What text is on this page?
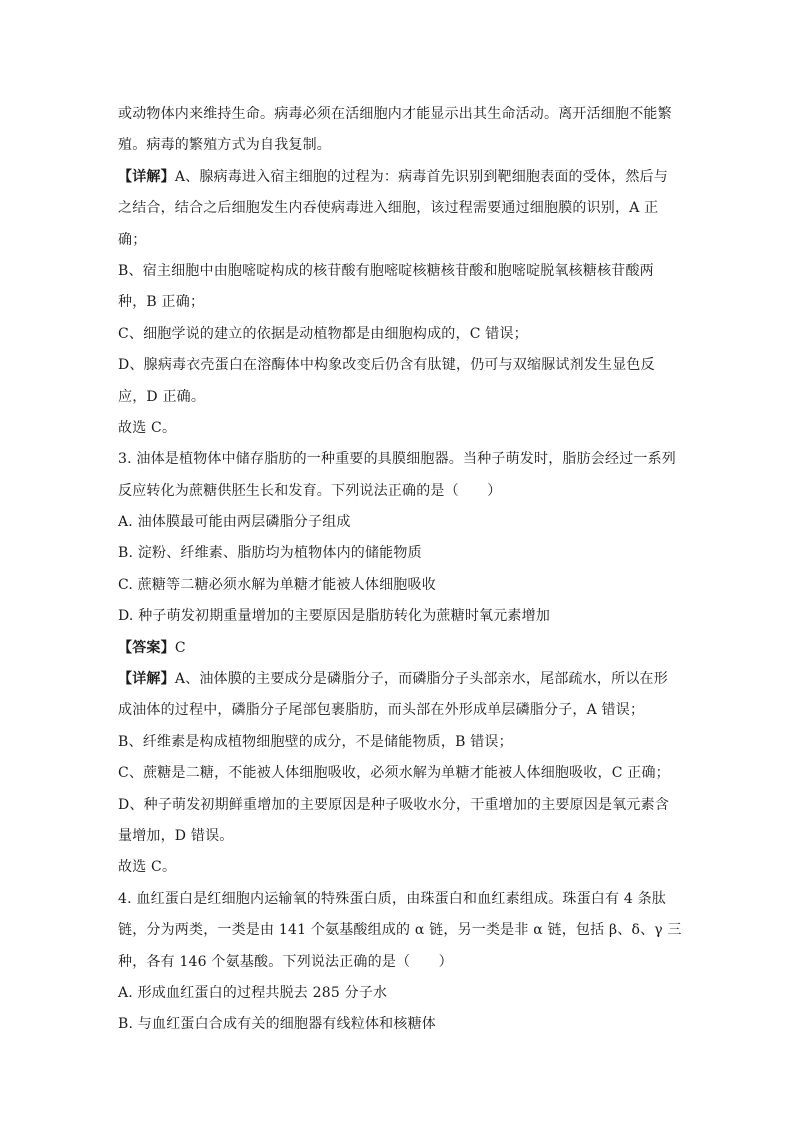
或动物体内来维持生命。病毒必须在活细胞内才能显示出其生命活动。离开活细胞不能繁
殖。病毒的繁殖方式为自我复制。
【详解】A、腺病毒进入宿主细胞的过程为：病毒首先识别到靶细胞表面的受体，然后与
之结合，结合之后细胞发生内吞使病毒进入细胞，该过程需要通过细胞膜的识别，A 正
确；
B、宿主细胞中由胞嘧啶构成的核苷酸有胞嘧啶核糖核苷酸和胞嘧啶脱氧核糖核苷酸两
种，B 正确；
C、细胞学说的建立的依据是动植物都是由细胞构成的，C 错误；
D、腺病毒衣壳蛋白在溶酶体中构象改变后仍含有肽键，仍可与双缩脲试剂发生显色反
应，D 正确。
故选 C。
3. 油体是植物体中储存脂肪的一种重要的具膜细胞器。当种子萌发时，脂肪会经过一系列
反应转化为蔗糖供胚生长和发育。下列说法正确的是（　　）
A. 油体膜最可能由两层磷脂分子组成
B. 淀粉、纤维素、脂肪均为植物体内的储能物质
C. 蔗糖等二糖必须水解为单糖才能被人体细胞吸收
D. 种子萌发初期重量增加的主要原因是脂肪转化为蔗糖时氧元素增加
【答案】C
【详解】A、油体膜的主要成分是磷脂分子，而磷脂分子头部亲水，尾部疏水，所以在形
成油体的过程中，磷脂分子尾部包裹脂肪，而头部在外形成单层磷脂分子，A 错误；
B、纤维素是构成植物细胞壁的成分，不是储能物质，B 错误；
C、蔗糖是二糖，不能被人体细胞吸收，必须水解为单糖才能被人体细胞吸收，C 正确；
D、种子萌发初期鲜重增加的主要原因是种子吸收水分，干重增加的主要原因是氧元素含
量增加，D 错误。
故选 C。
4. 血红蛋白是红细胞内运输氧的特殊蛋白质，由珠蛋白和血红素组成。珠蛋白有 4 条肽
链，分为两类，一类是由 141 个氨基酸组成的 α 链，另一类是非 α 链，包括 β、δ、γ 三
种，各有 146 个氨基酸。下列说法正确的是（　　）
A. 形成血红蛋白的过程共脱去 285 分子水
B. 与血红蛋白合成有关的细胞器有线粒体和核糖体
